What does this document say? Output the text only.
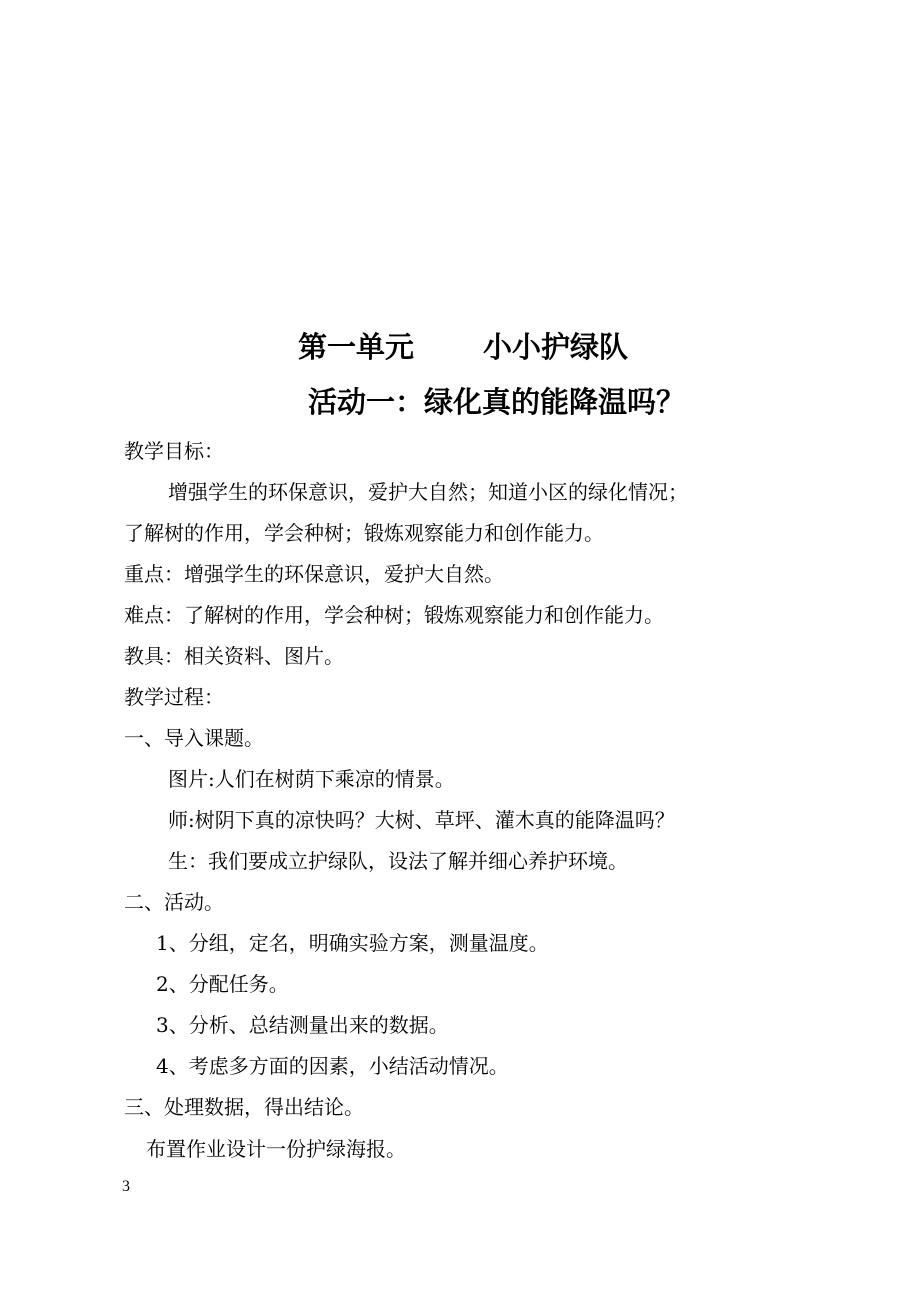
第一单元 小小护绿队
活动一：绿化真的能降温吗？
教学目标：
增强学生的环保意识，爱护大自然；知道小区的绿化情况；
了解树的作用，学会种树；锻炼观察能力和创作能力。
重点：增强学生的环保意识，爱护大自然。
难点：了解树的作用，学会种树；锻炼观察能力和创作能力。
教具：相关资料、图片。
教学过程：
一、导入课题。
图片:人们在树荫下乘凉的情景。
师:树阴下真的凉快吗？大树、草坪、灌木真的能降温吗？
生：我们要成立护绿队，设法了解并细心养护环境。
二、活动。
1、分组，定名，明确实验方案，测量温度。
2、分配任务。
3、分析、总结测量出来的数据。
4、考虑多方面的因素，小结活动情况。
三、处理数据，得出结论。
布置作业设计一份护绿海报。
3
